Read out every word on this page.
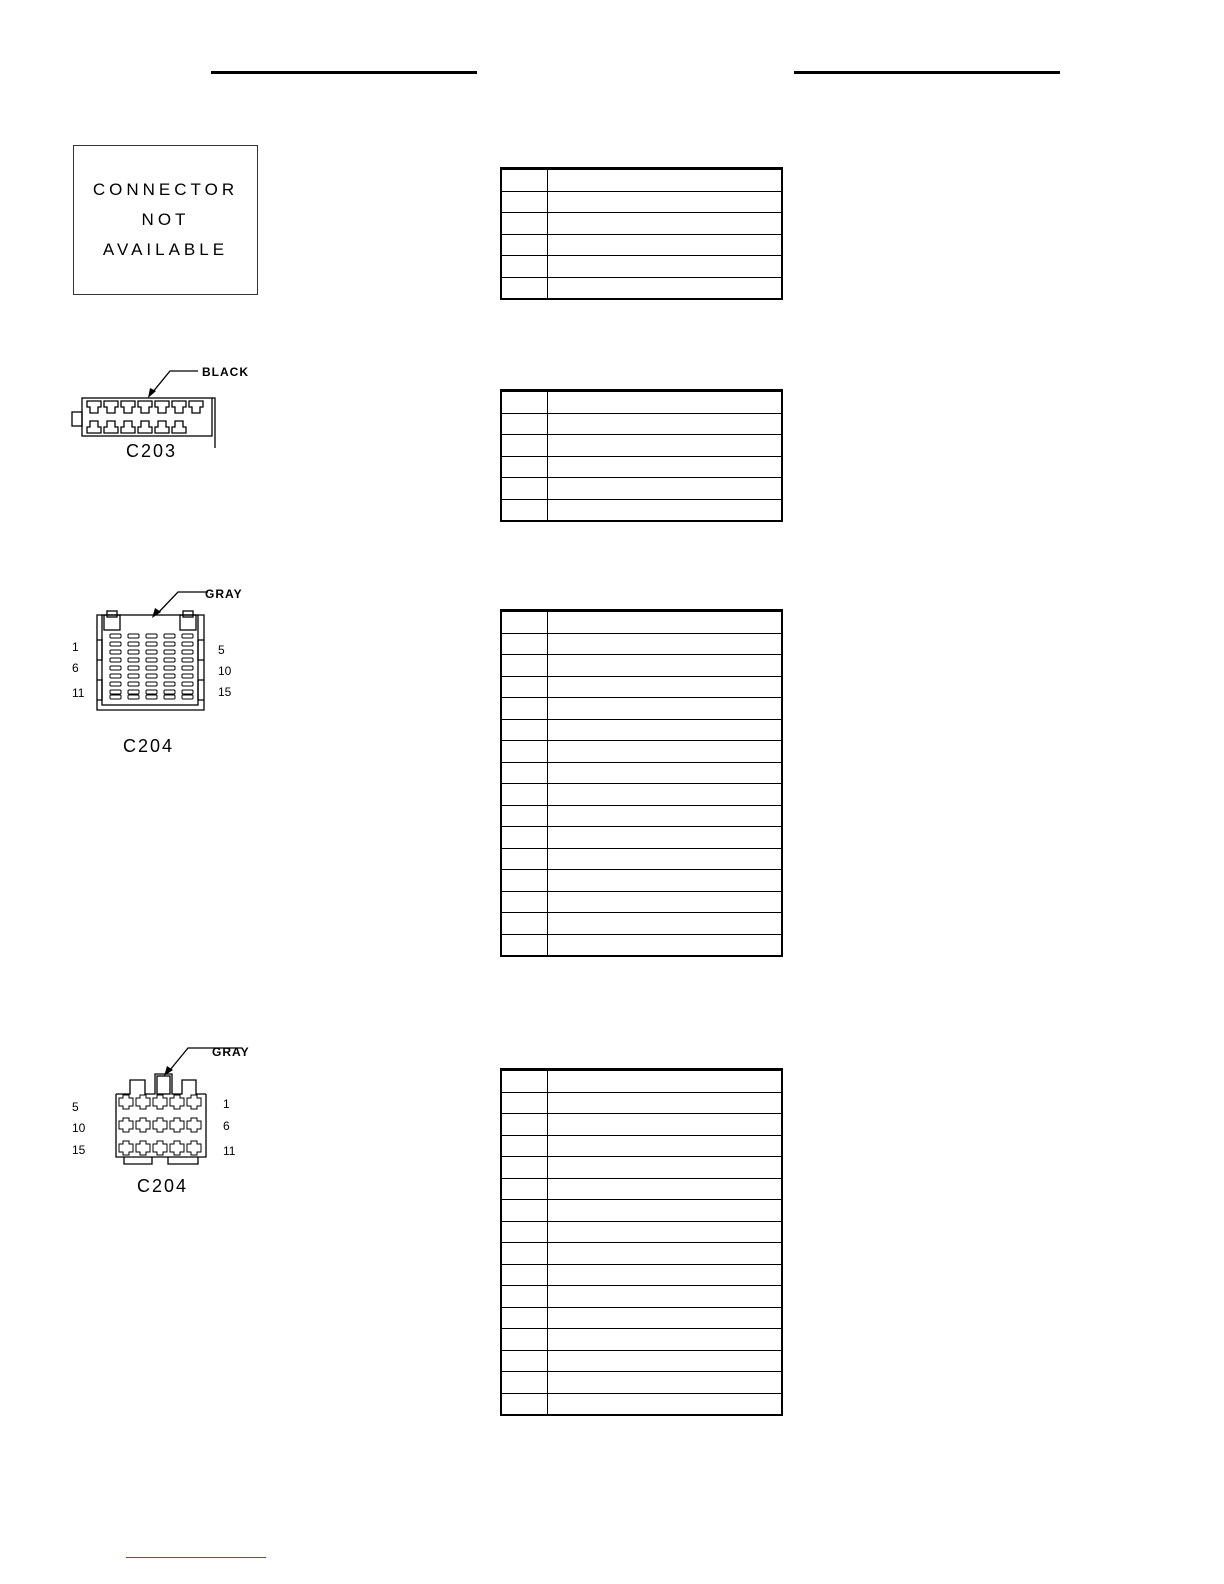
CONNECTOR
NOT
AVAILABLE
BLACK
C203
GRAY
1
6
11
5
10
15
C204
GRAY
5
10
15
1
6
11
C204
